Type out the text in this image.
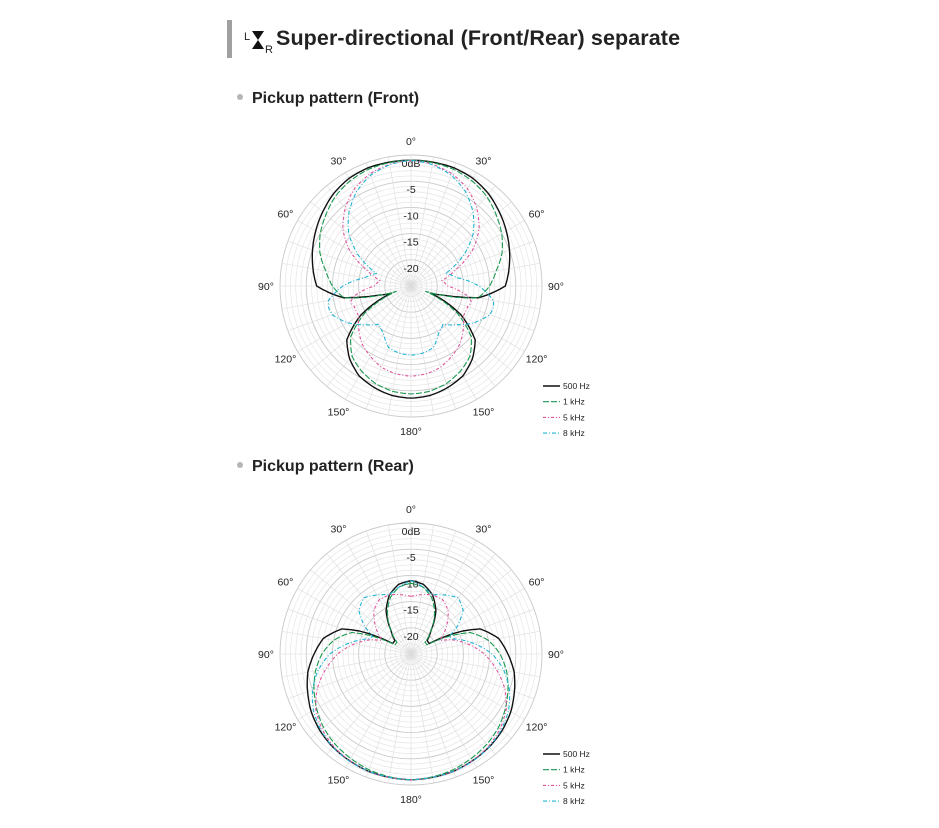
L
R Super-directional (Front/Rear) separate
Pickup pattern (Front)
0°
30°
60°
90°
120°
150°
180°
150°
120°
90°
60°
30°	0dB
-5
-10
-15
-20
500 Hz
1 kHz
5 kHz
8 kHz
Pickup pattern (Rear)
0°
30°
60°
90°
120°
150°
180°
150°
120°
90°
60°
30°	0dB
-5
-10
-15
-20
500 Hz
1 kHz
5 kHz
8 kHz
